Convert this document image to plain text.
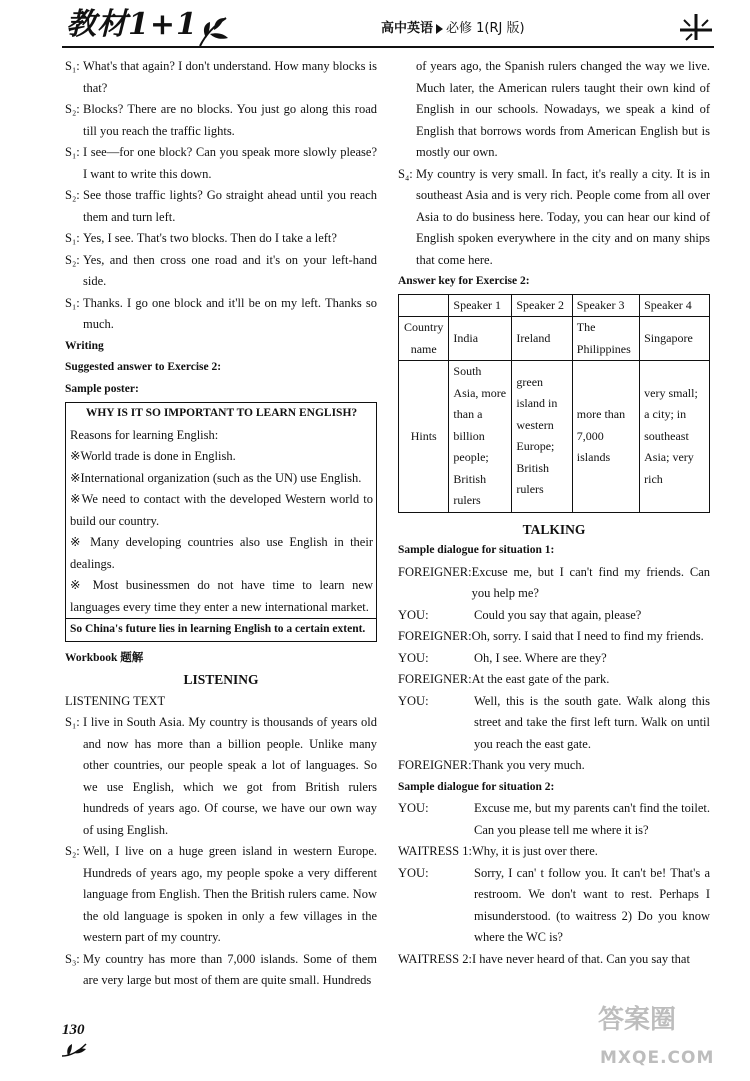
教材1+1	高中英语 必修 1(RJ 版)
S₁: What's that again? I don't understand. How many blocks is that?
S₂: Blocks? There are no blocks. You just go along this road till you reach the traffic lights.
S₁: I see—for one block? Can you speak more slowly please? I want to write this down.
S₂: See those traffic lights? Go straight ahead until you reach them and turn left.
S₁: Yes, I see. That's two blocks. Then do I take a left?
S₂: Yes, and then cross one road and it's on your left-hand side.
S₁: Thanks. I go one block and it'll be on my left. Thanks so much.

Writing

Suggested answer to Exercise 2:

Sample poster:

WHY IS IT SO IMPORTANT TO LEARN ENGLISH?
Reasons for learning English:
※World trade is done in English.
※International organization (such as the UN) use English.
※We need to contact with the developed Western world to build our country.
※ Many developing countries also use English in their dealings.
※ Most businessmen do not have time to learn new languages every time they enter a new international market.
So China's future lies in learning English to a certain extent.

Workbook 题解

LISTENING

LISTENING TEXT

S₁: I live in South Asia. My country is thousands of years old and now has more than a billion people. Unlike many other countries, our people speak a lot of languages. So we use English, which we got from British rulers hundreds of years ago. Of course, we have our own way of using English.
S₂: Well, I live on a huge green island in western Europe. Hundreds of years ago, my people spoke a very different language from English. Then the British rulers came. Now the old language is spoken in only a few villages in the western part of my country.
S₃: My country has more than 7,000 islands. Some of them are very large but most of them are quite small. Hundreds

of years ago, the Spanish rulers changed the way we live. Much later, the American rulers taught their own kind of English in our schools. Nowadays, we speak a kind of English that borrows words from American English but is mostly our own.

S₄: My country is very small. In fact, it's really a city. It is in southeast Asia and is very rich. People come from all over Asia to do business here. Today, you can hear our kind of English spoken everywhere in the city and on many ships that come here.

Answer key for Exercise 2:

	Speaker 1	Speaker 2	Speaker 3	Speaker 4
Country name	India	Ireland	The Philippines	Singapore
Hints	South Asia, more than a billion people; British rulers	green island in western Europe; British rulers	more than 7,000 islands	very small; a city; in southeast Asia; very rich

TALKING

Sample dialogue for situation 1:

FOREIGNER: Excuse me, but I can't find my friends. Can you help me?
YOU:	Could you say that again, please?
FOREIGNER: Oh, sorry. I said that I need to find my friends.
YOU:	Oh, I see. Where are they?
FOREIGNER: At the east gate of the park.
YOU:	Well, this is the south gate. Walk along this street and take the first left turn. Walk on until you reach the east gate.
FOREIGNER: Thank you very much.

Sample dialogue for situation 2:

YOU:	Excuse me, but my parents can't find the toilet. Can you please tell me where it is?
WAITRESS 1: Why, it is just over there.
YOU:	Sorry, I can' t follow you. It can't be! That's a restroom. We don't want to rest. Perhaps I misunderstood. (to waitress 2) Do you know where the WC is?
WAITRESS 2: I have never heard of that. Can you say that
130	答案圈
MXQE.COM
